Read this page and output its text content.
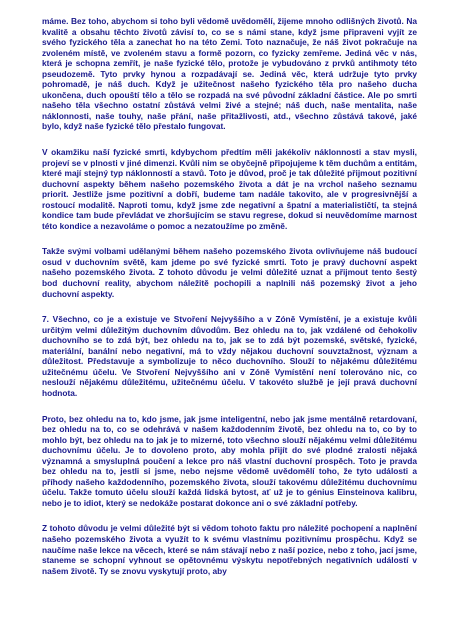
máme. Bez toho, abychom si toho byli vědomě uvědomělí, žijeme mnoho odlišných životů. Na kvalitě a obsahu těchto životů závisí to, co se s námi stane, když jsme připraveni vyjít ze svého fyzického těla a zanechat ho na této Zemi. Toto naznačuje, že náš život pokračuje na zvoleném místě, ve zvoleném stavu a formě pozorn, co fyzicky zemřeme. Jediná věc v nás, která je schopna zemřít, je naše fyzické tělo, protože je vybudováno z prvků antihmoty této pseudozemě. Tyto prvky hynou a rozpadávají se. Jediná věc, která udržuje tyto prvky pohromadě, je náš duch. Když je užitečnost našeho fyzického těla pro našeho ducha ukončena, duch opouští tělo a tělo se rozpadá na své původní základní částice. Ale po smrti našeho těla všechno ostatní zůstává velmi živé a stejné; náš duch, naše mentalita, naše náklonnosti, naše touhy, naše přání, naše přitažlivosti, atd., všechno zůstává takové, jaké bylo, když naše fyzické tělo přestalo fungovat.

V okamžiku naší fyzické smrti, kdybychom předtím měli jakékoliv náklonnosti a stav mysli, projeví se v plnosti v jiné dimenzi. Kvůli nim se obyčejně připojujeme k těm duchům a entitám, které mají stejný typ náklonností a stavů. Toto je důvod, proč je tak důležité přijmout pozitivní duchovní aspekty během našeho pozemského života a dát je na vrchol našeho seznamu priorit. Jestliže jsme pozitivní a dobří, budeme tam nadále takovito, ale v progresivnější a rostoucí modalitě. Naproti tomu, když jsme zde negativní a špatní a materialističtí, ta stejná kondice tam bude převládat ve zhoršujícím se stavu regrese, dokud si neuvědomíme marnost této kondice a nezavoláme o pomoc a nezatoužíme po změně.

Takže svými volbami udělanými během našeho pozemského života ovlivňujeme náš budoucí osud v duchovním světě, kam jdeme po své fyzické smrti. Toto je pravý duchovní aspekt našeho pozemského života. Z tohoto důvodu je velmi důležité uznat a přijmout tento šestý bod duchovní reality, abychom náležitě pochopili a naplnili náš pozemský život a jeho duchovní aspekty.

7. Všechno, co je a existuje ve Stvoření Nejvyššího a v Zóně Vymístění, je a existuje kvůli určitým velmi důležitým duchovním důvodům. Bez ohledu na to, jak vzdálené od čehokoliv duchovního se to zdá být, bez ohledu na to, jak se to zdá být pozemské, světské, fyzické, materiální, banální nebo negativní, má to vždy nějakou duchovní souvztažnost, význam a důležitost. Představuje a symbolizuje to něco duchovního. Slouží to nějakému důležitému užitečnému účelu. Ve Stvoření Nejvyššího ani v Zóně Vymístění není tolerováno nic, co neslouží nějakému důležitému, užitečnému účelu. V takovéto službě je její pravá duchovní hodnota.

Proto, bez ohledu na to, kdo jsme, jak jsme inteligentní, nebo jak jsme mentálně retardovaní, bez ohledu na to, co se odehrává v našem každodenním životě, bez ohledu na to, co by to mohlo být, bez ohledu na to jak je to mizerné, toto všechno slouží nějakému velmi důležitému duchovnímu účelu. Je to dovoleno proto, aby mohla přijít do své plodné zralosti nějaká významná a smysluplná poučení a lekce pro náš vlastní duchovní prospěch. Toto je pravda bez ohledu na to, jestli si jsme, nebo nejsme vědomě uvědomělí toho, že tyto události a příhody našeho každodenního, pozemského života, slouží takovému důležitému duchovnímu účelu. Takže tomuto účelu slouží každá lidská bytost, ať už je to génius Einsteinova kalibru, nebo je to idiot, který se nedokáže postarat dokonce ani o své základní potřeby.

Z tohoto důvodu je velmi důležité být si vědom tohoto faktu pro náležité pochopení a naplnění našeho pozemského života a využít to k svému vlastnímu pozitivnímu prospěchu. Když se naučíme naše lekce na věcech, které se nám stávají nebo z naší pozice, nebo z toho, jací jsme, staneme se schopní vyhnout se opětovnému výskytu nepotřebných negativních událostí v našem životě. Ty se znovu vyskytují proto, aby
